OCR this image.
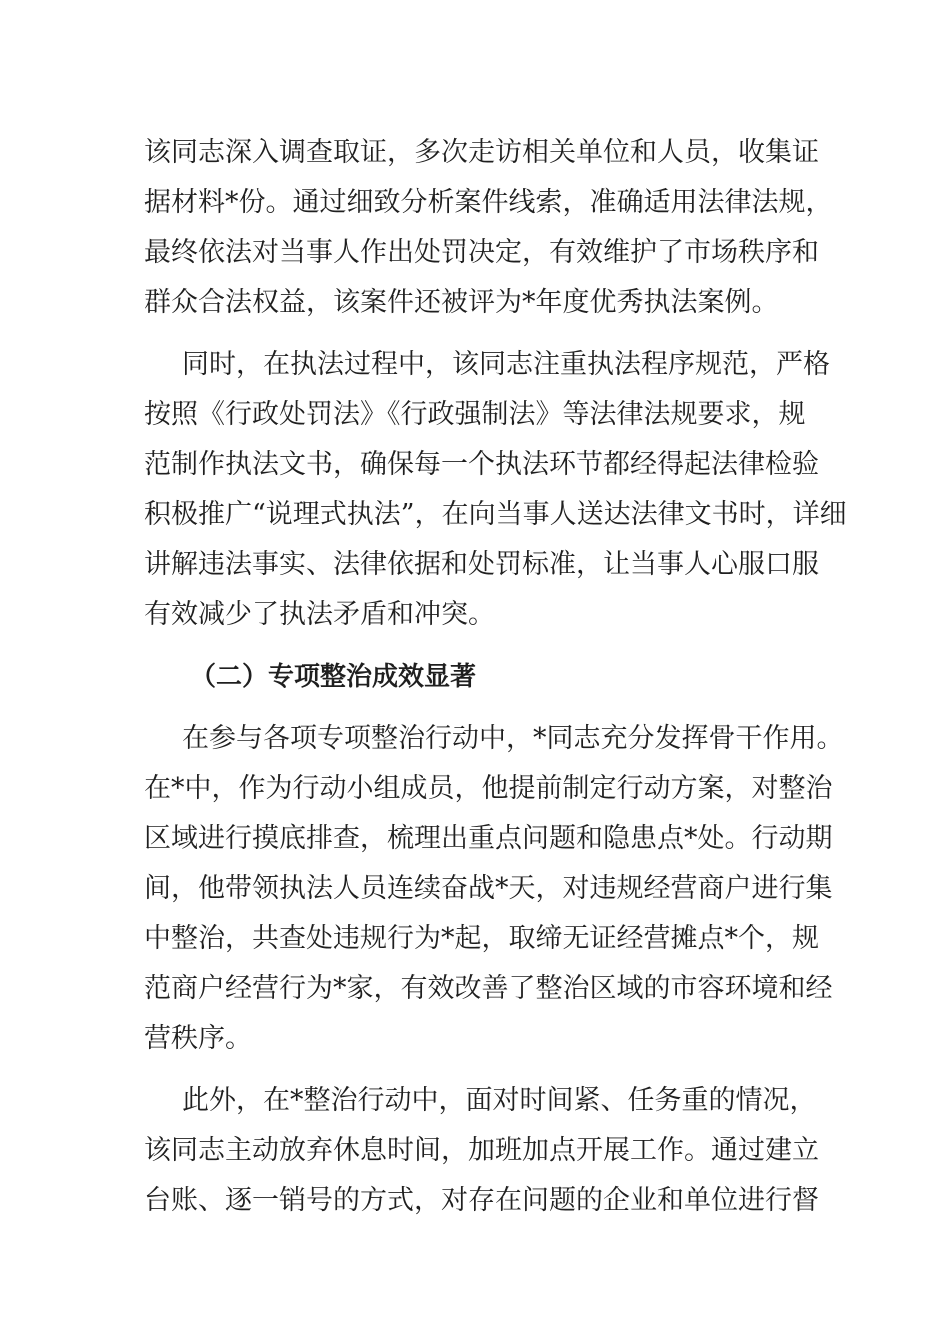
该同志深入调查取证，多次走访相关单位和人员，收集证
据材料*份。通过细致分析案件线索，准确适用法律法规，
最终依法对当事人作出处罚决定，有效维护了市场秩序和
群众合法权益，该案件还被评为*年度优秀执法案例。
同时，在执法过程中，该同志注重执法程序规范，严格
按照《行政处罚法》《行政强制法》等法律法规要求，规
范制作执法文书，确保每一个执法环节都经得起法律检验
积极推广“说理式执法”，在向当事人送达法律文书时，详细
讲解违法事实、法律依据和处罚标准，让当事人心服口服
有效减少了执法矛盾和冲突。
（二）专项整治成效显著
在参与各项专项整治行动中，*同志充分发挥骨干作用。
在*中，作为行动小组成员，他提前制定行动方案，对整治
区域进行摸底排查，梳理出重点问题和隐患点*处。行动期
间，他带领执法人员连续奋战*天，对违规经营商户进行集
中整治，共查处违规行为*起，取缔无证经营摊点*个，规
范商户经营行为*家，有效改善了整治区域的市容环境和经
营秩序。
此外，在*整治行动中，面对时间紧、任务重的情况，
该同志主动放弃休息时间，加班加点开展工作。通过建立
台账、逐一销号的方式，对存在问题的企业和单位进行督
